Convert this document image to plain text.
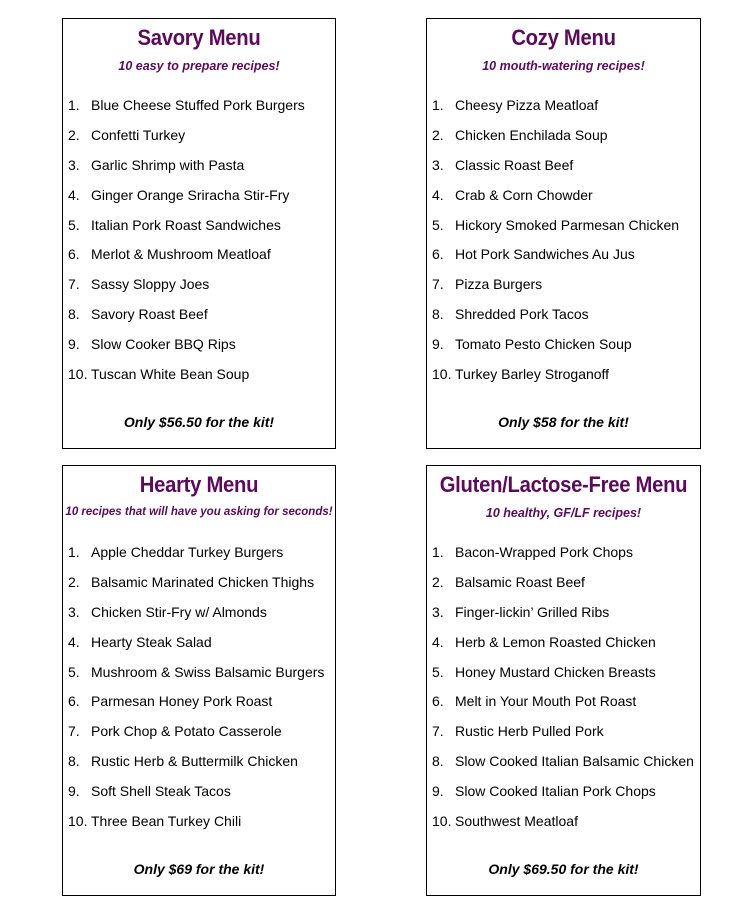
Savory Menu
10 easy to prepare recipes!
1. Blue Cheese Stuffed Pork Burgers
2. Confetti Turkey
3. Garlic Shrimp with Pasta
4. Ginger Orange Sriracha Stir-Fry
5. Italian Pork Roast Sandwiches
6. Merlot & Mushroom Meatloaf
7. Sassy Sloppy Joes
8. Savory Roast Beef
9. Slow Cooker BBQ Rips
10. Tuscan White Bean Soup
Only $56.50 for the kit!
Cozy Menu
10 mouth-watering recipes!
1. Cheesy Pizza Meatloaf
2. Chicken Enchilada Soup
3. Classic Roast Beef
4. Crab & Corn Chowder
5. Hickory Smoked Parmesan Chicken
6. Hot Pork Sandwiches Au Jus
7. Pizza Burgers
8. Shredded Pork Tacos
9. Tomato Pesto Chicken Soup
10. Turkey Barley Stroganoff
Only $58 for the kit!
Hearty Menu
10 recipes that will have you asking for seconds!
1. Apple Cheddar Turkey Burgers
2. Balsamic Marinated Chicken Thighs
3. Chicken Stir-Fry w/ Almonds
4. Hearty Steak Salad
5. Mushroom & Swiss Balsamic Burgers
6. Parmesan Honey Pork Roast
7. Pork Chop & Potato Casserole
8. Rustic Herb & Buttermilk Chicken
9. Soft Shell Steak Tacos
10. Three Bean Turkey Chili
Only $69 for the kit!
Gluten/Lactose-Free Menu
10 healthy, GF/LF recipes!
1. Bacon-Wrapped Pork Chops
2. Balsamic Roast Beef
3. Finger-lickin’ Grilled Ribs
4. Herb & Lemon Roasted Chicken
5. Honey Mustard Chicken Breasts
6. Melt in Your Mouth Pot Roast
7. Rustic Herb Pulled Pork
8. Slow Cooked Italian Balsamic Chicken
9. Slow Cooked Italian Pork Chops
10. Southwest Meatloaf
Only $69.50 for the kit!
